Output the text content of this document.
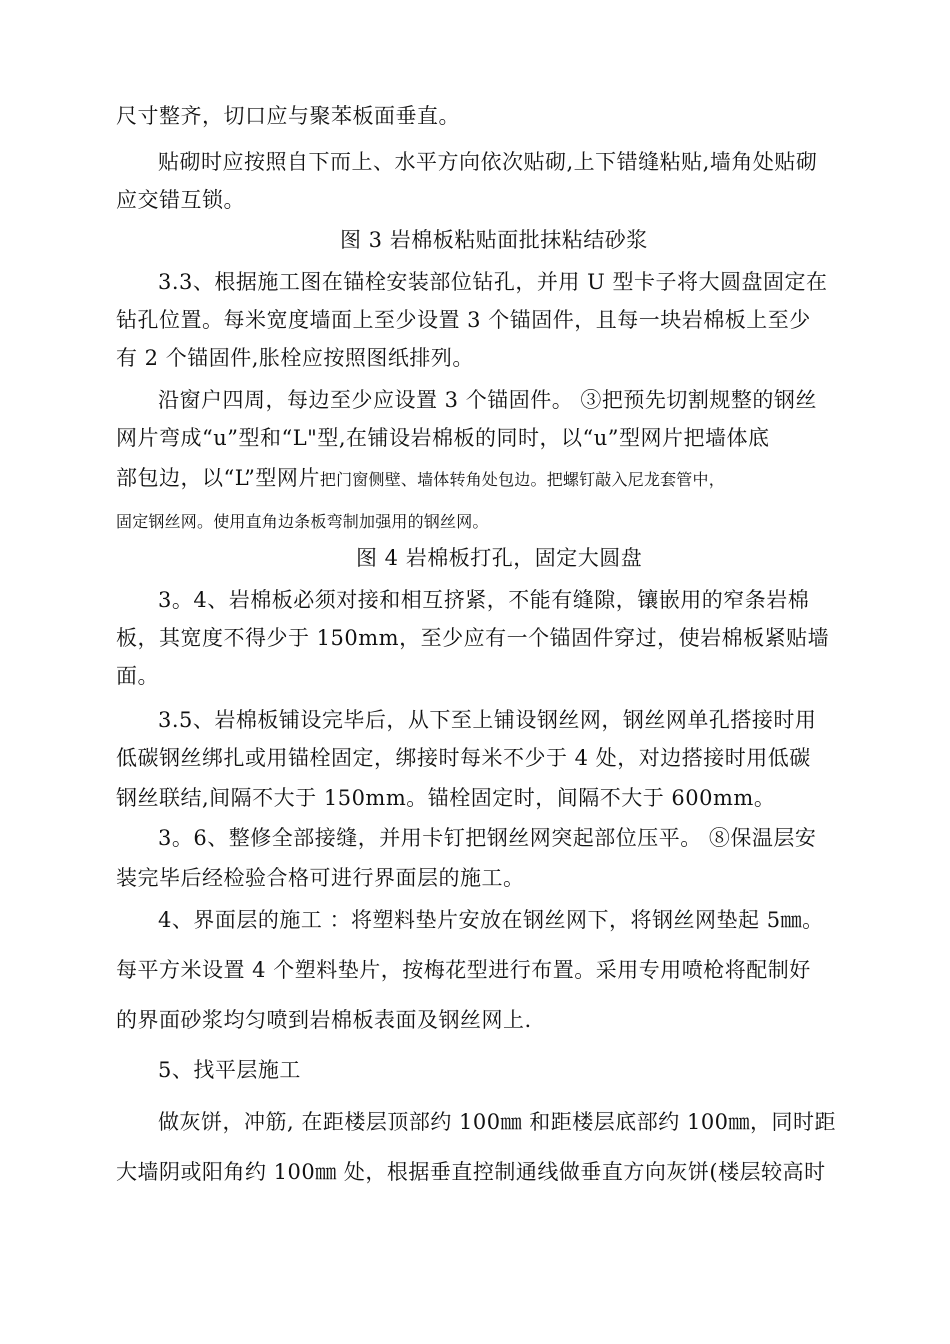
尺寸整齐，切口应与聚苯板面垂直。
贴砌时应按照自下而上、水平方向依次贴砌,上下错缝粘贴,墙角处贴砌
应交错互锁。
图 3 岩棉板粘贴面批抹粘结砂浆
3.3、根据施工图在锚栓安装部位钻孔，并用 U 型卡子将大圆盘固定在
钻孔位置。每米宽度墙面上至少设置 3 个锚固件，且每一块岩棉板上至少
有 2 个锚固件,胀栓应按照图纸排列。
沿窗户四周，每边至少应设置 3 个锚固件。 ③把预先切割规整的钢丝
网片弯成“u”型和“L"型,在铺设岩棉板的同时，以“u”型网片把墙体底
部包边，以“L”型网片把门窗侧壁、墙体转角处包边。把螺钉敲入尼龙套管中，
固定钢丝网。使用直角边条板弯制加强用的钢丝网。
图 4 岩棉板打孔，固定大圆盘
3。4、岩棉板必须对接和相互挤紧，不能有缝隙，镶嵌用的窄条岩棉
板，其宽度不得少于 150mm，至少应有一个锚固件穿过，使岩棉板紧贴墙
面。
3.5、岩棉板铺设完毕后，从下至上铺设钢丝网，钢丝网单孔搭接时用
低碳钢丝绑扎或用锚栓固定，绑接时每米不少于 4 处，对边搭接时用低碳
钢丝联结,间隔不大于 150mm。锚栓固定时，间隔不大于 600mm。
3。6、整修全部接缝，并用卡钉把钢丝网突起部位压平。 ⑧保温层安
装完毕后经检验合格可进行界面层的施工。
4、界面层的施工 ：将塑料垫片安放在钢丝网下，将钢丝网垫起 5㎜。
每平方米设置 4 个塑料垫片，按梅花型进行布置。采用专用喷枪将配制好
的界面砂浆均匀喷到岩棉板表面及钢丝网上.
5、找平层施工
做灰饼，冲筋, 在距楼层顶部约 100㎜ 和距楼层底部约 100㎜，同时距
大墙阴或阳角约 100㎜ 处，根据垂直控制通线做垂直方向灰饼(楼层较高时
